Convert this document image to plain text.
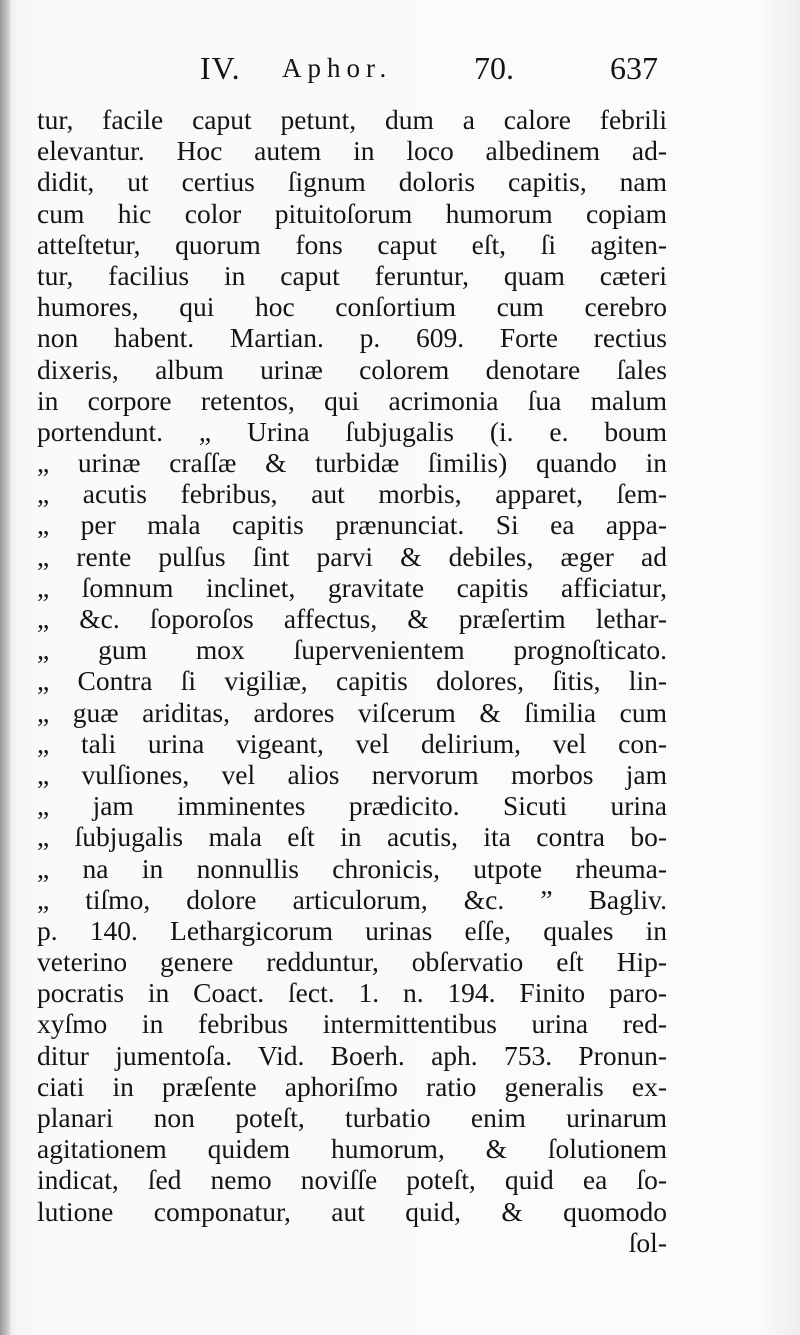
IV. Aphor.	70.	637
tur, facile caput petunt, dum a calore febrili
elevantur. Hoc autem in loco albedinem ad-
didit, ut certius ſignum doloris capitis, nam
cum hic color pituitoſorum humorum copiam
atteſtetur, quorum fons caput eſt, ſi agiten-
tur, facilius in caput feruntur, quam cæteri
humores, qui hoc conſortium cum cerebro
non habent. Martian. p. 609. Forte rectius
dixeris, album urinæ colorem denotare ſales
in corpore retentos, qui acrimonia ſua malum
portendunt. „ Urina ſubjugalis (i. e. boum
„ urinæ craſſæ & turbidæ ſimilis) quando in
„ acutis febribus, aut morbis, apparet, ſem-
„ per mala capitis prænunciat. Si ea appa-
„ rente pulſus ſint parvi & debiles, æger ad
„ ſomnum inclinet, gravitate capitis afficiatur,
„ &c. ſoporoſos affectus, & præſertim lethar-
„ gum mox ſupervenientem prognoſticato.
„ Contra ſi vigiliæ, capitis dolores, ſitis, lin-
„ guæ ariditas, ardores viſcerum & ſimilia cum
„ tali urina vigeant, vel delirium, vel con-
„ vulſiones, vel alios nervorum morbos jam
„ jam imminentes prædicito. Sicuti urina
„ ſubjugalis mala eſt in acutis, ita contra bo-
„ na in nonnullis chronicis, utpote rheuma-
„ tiſmo, dolore articulorum, &c. ” Bagliv.
p. 140. Lethargicorum urinas eſſe, quales in
veterino genere redduntur, obſervatio eſt Hip-
pocratis in Coact. ſect. 1. n. 194. Finito paro-
xyſmo in febribus intermittentibus urina red-
ditur jumentoſa. Vid. Boerh. aph. 753. Pronun-
ciati in præſente aphoriſmo ratio generalis ex-
planari non poteſt, turbatio enim urinarum
agitationem quidem humorum, & ſolutionem
indicat, ſed nemo noviſſe poteſt, quid ea ſo-
lutione componatur, aut quid, & quomodo
ſol-
